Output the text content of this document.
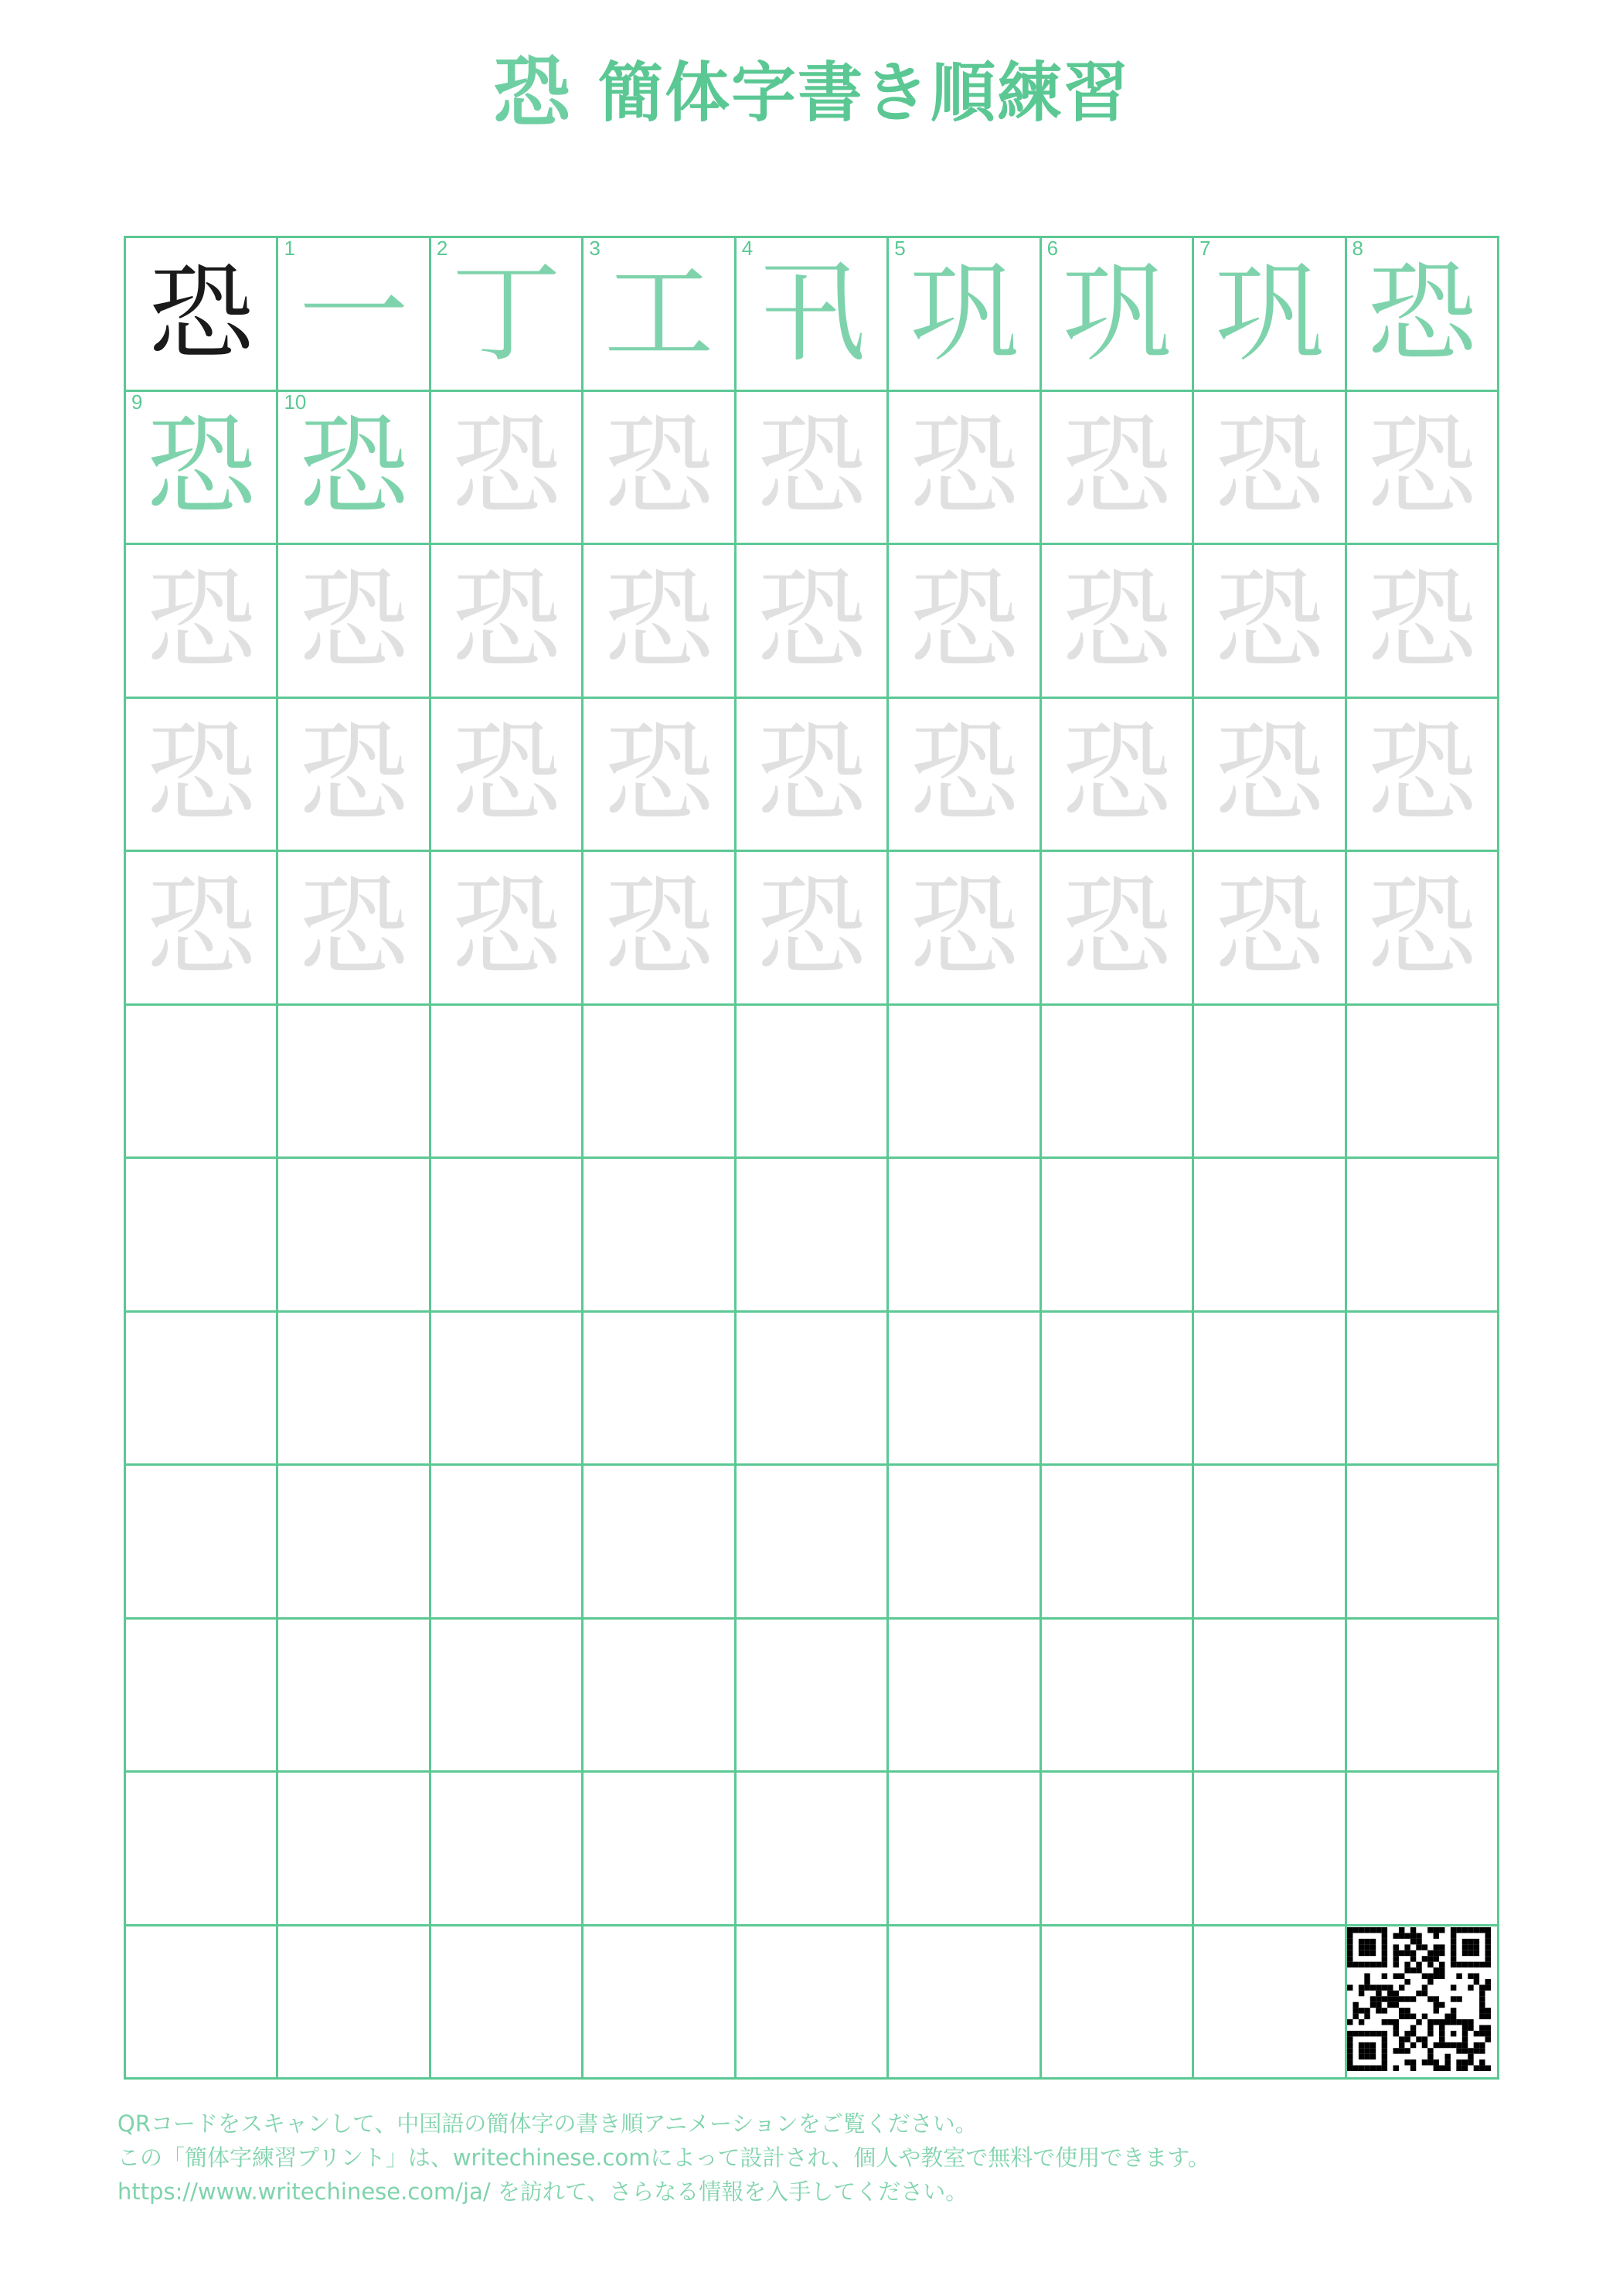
恐 簡体字書き順練習
恐
1
一
2
丁
3
工
4
卂
5
巩
6
巩
7
巩
8
恐
9
恐
10
恐 恐 恐 恐 恐 恐 恐 恐
恐 恐 恐 恐 恐 恐 恐 恐 恐
恐 恐 恐 恐 恐 恐 恐 恐 恐
恐 恐 恐 恐 恐 恐 恐 恐 恐
QRコードをスキャンして、中国語の簡体字の書き順アニメーションをご覧ください。
この「簡体字練習プリント」は、writechinese.comによって設計され、個人や教室で無料で使用できます。
https://www.writechinese.com/ja/ を訪れて、さらなる情報を入手してください。
